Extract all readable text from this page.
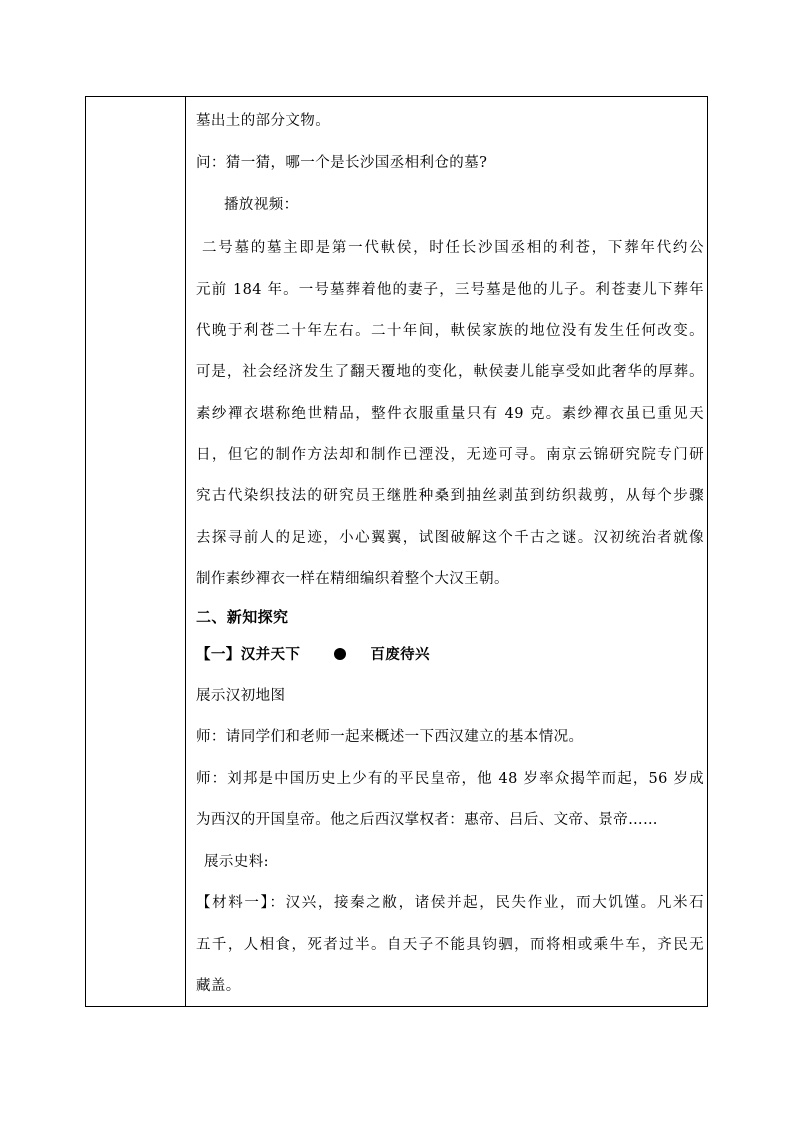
墓出土的部分文物。
问：猜一猜，哪一个是长沙国丞相利仓的墓?
播放视频：
二号墓的墓主即是第一代軑侯，时任长沙国丞相的利苍，下葬年代约公
元前 184 年。一号墓葬着他的妻子，三号墓是他的儿子。利苍妻儿下葬年
代晚于利苍二十年左右。二十年间，軑侯家族的地位没有发生任何改变。
可是，社会经济发生了翻天覆地的变化，軑侯妻儿能享受如此奢华的厚葬。
素纱襌衣堪称绝世精品，整件衣服重量只有 49 克。素纱襌衣虽已重见天
日，但它的制作方法却和制作已湮没，无迹可寻。南京云锦研究院专门研
究古代染织技法的研究员王继胜种桑到抽丝剥茧到纺织裁剪，从每个步骤
去探寻前人的足迹，小心翼翼，试图破解这个千古之谜。汉初统治者就像
制作素纱襌衣一样在精细编织着整个大汉王朝。
二、新知探究
【一】汉并天下	百废待兴
展示汉初地图
师：请同学们和老师一起来概述一下西汉建立的基本情况。
师：刘邦是中国历史上少有的平民皇帝，他 48 岁率众揭竿而起，56 岁成
为西汉的开国皇帝。他之后西汉掌权者：惠帝、吕后、文帝、景帝……
展示史料:
【材料一】：汉兴，接秦之敝，诸侯并起，民失作业，而大饥馑。凡米石
五千，人相食，死者过半。自天子不能具钧驷，而将相或乘牛车，齐民无
藏盖。
